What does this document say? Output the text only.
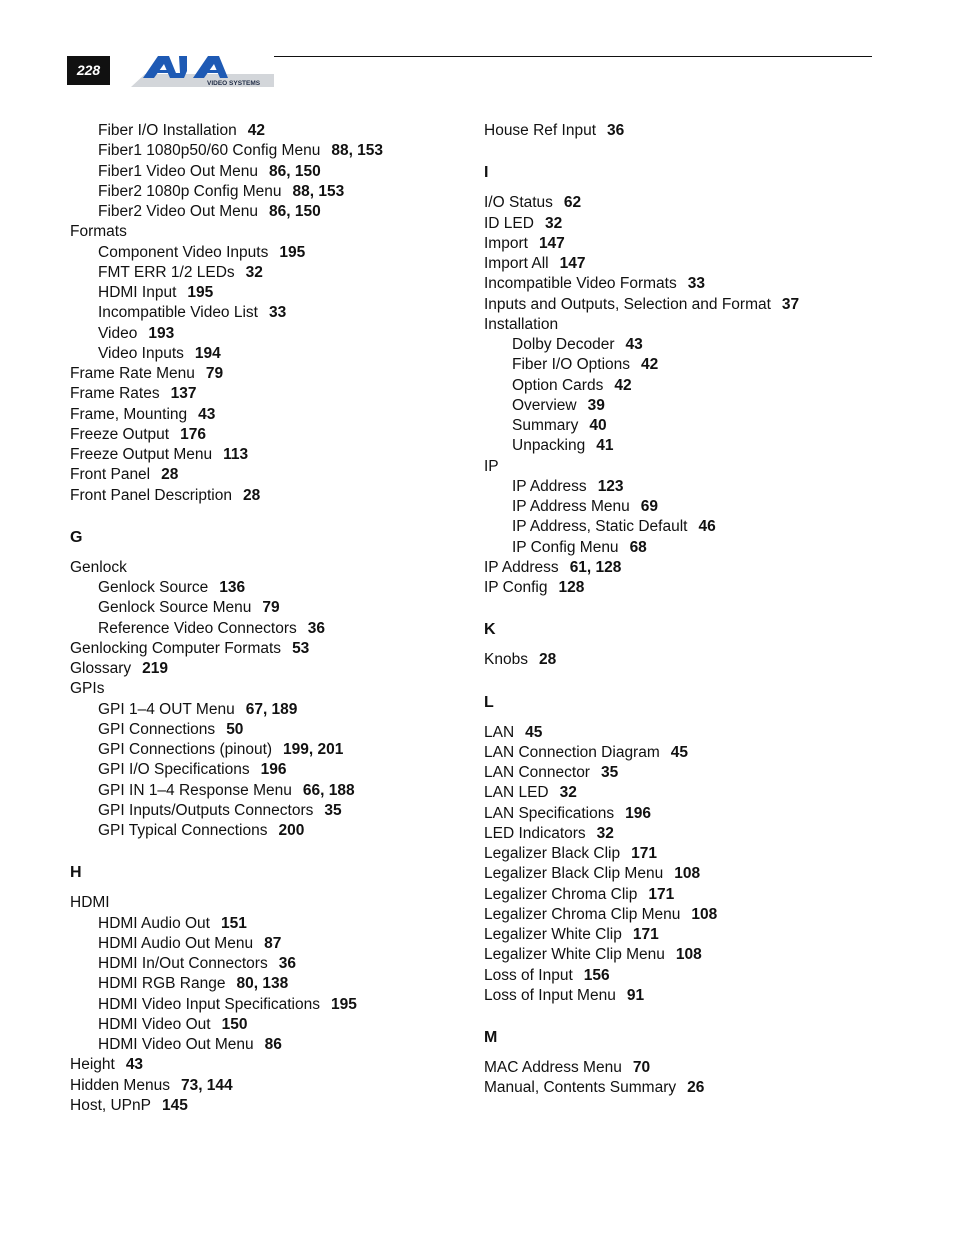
228
VIDEO SYSTEMS
Fiber I/O Installation 42
Fiber1 1080p50/60 Config Menu 88, 153
Fiber1 Video Out Menu 86, 150
Fiber2 1080p Config Menu 88, 153
Fiber2 Video Out Menu 86, 150
Formats
Component Video Inputs 195
FMT ERR 1/2 LEDs 32
HDMI Input 195
Incompatible Video List 33
Video 193
Video Inputs 194
Frame Rate Menu 79
Frame Rates 137
Frame, Mounting 43
Freeze Output 176
Freeze Output Menu 113
Front Panel 28
Front Panel Description 28
G
Genlock
Genlock Source 136
Genlock Source Menu 79
Reference Video Connectors 36
Genlocking Computer Formats 53
Glossary 219
GPIs
GPI 1–4 OUT Menu 67, 189
GPI Connections 50
GPI Connections (pinout) 199, 201
GPI I/O Specifications 196
GPI IN 1–4 Response Menu 66, 188
GPI Inputs/Outputs Connectors 35
GPI Typical Connections 200
H
HDMI
HDMI Audio Out 151
HDMI Audio Out Menu 87
HDMI In/Out Connectors 36
HDMI RGB Range 80, 138
HDMI Video Input Specifications 195
HDMI Video Out 150
HDMI Video Out Menu 86
Height 43
Hidden Menus 73, 144
Host, UPnP 145
House Ref Input 36
I
I/O Status 62
ID LED 32
Import 147
Import All 147
Incompatible Video Formats 33
Inputs and Outputs, Selection and Format 37
Installation
Dolby Decoder 43
Fiber I/O Options 42
Option Cards 42
Overview 39
Summary 40
Unpacking 41
IP
IP Address 123
IP Address Menu 69
IP Address, Static Default 46
IP Config Menu 68
IP Address 61, 128
IP Config 128
K
Knobs 28
L
LAN 45
LAN Connection Diagram 45
LAN Connector 35
LAN LED 32
LAN Specifications 196
LED Indicators 32
Legalizer Black Clip 171
Legalizer Black Clip Menu 108
Legalizer Chroma Clip 171
Legalizer Chroma Clip Menu 108
Legalizer White Clip 171
Legalizer White Clip Menu 108
Loss of Input 156
Loss of Input Menu 91
M
MAC Address Menu 70
Manual, Contents Summary 26
